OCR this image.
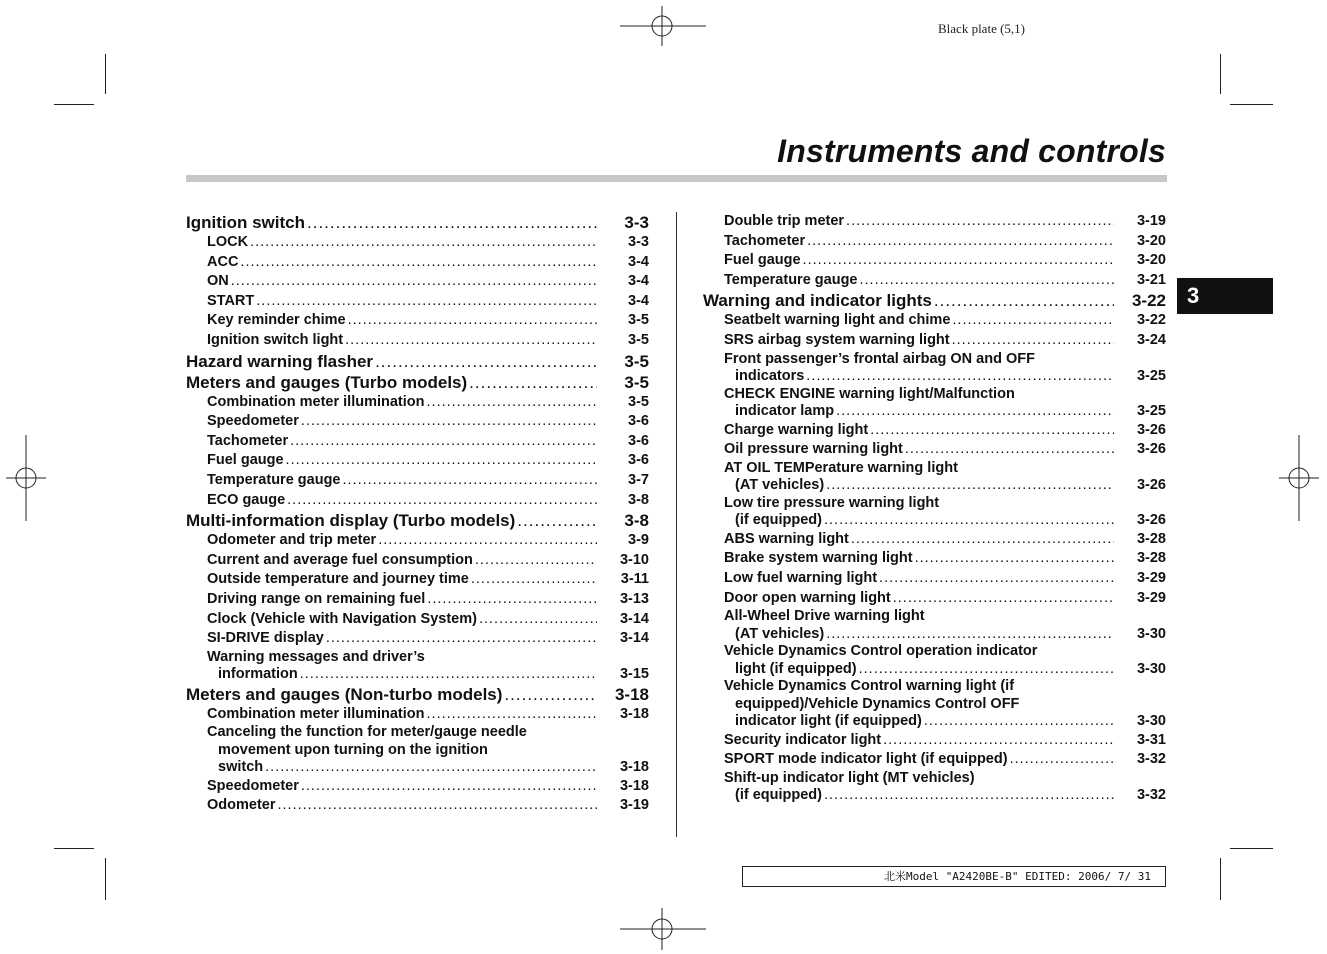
Black plate (5,1)
Instruments and controls
3
Ignition switch .....	3-3
LOCK .....	3-3
ACC .....	3-4
ON .....	3-4
START .....	3-4
Key reminder chime .....	3-5
Ignition switch light .....	3-5
Hazard warning flasher .....	3-5
Meters and gauges (Turbo models) .....	3-5
Combination meter illumination .....	3-5
Speedometer .....	3-6
Tachometer .....	3-6
Fuel gauge .....	3-6
Temperature gauge .....	3-7
ECO gauge .....	3-8
Multi-information display (Turbo models) .....	3-8
Odometer and trip meter .....	3-9
Current and average fuel consumption .....	3-10
Outside temperature and journey time .....	3-11
Driving range on remaining fuel .....	3-13
Clock (Vehicle with Navigation System) .....	3-14
SI-DRIVE display .....	3-14
Warning messages and driver’s
information .....	3-15
Meters and gauges (Non-turbo models) .....	3-18
Combination meter illumination .....	3-18
Canceling the function for meter/gauge needle
movement upon turning on the ignition
switch .....	3-18
Speedometer .....	3-18
Odometer .....	3-19
Double trip meter .....	3-19
Tachometer .....	3-20
Fuel gauge .....	3-20
Temperature gauge .....	3-21
Warning and indicator lights .....	3-22
Seatbelt warning light and chime .....	3-22
SRS airbag system warning light .....	3-24
Front passenger’s frontal airbag ON and OFF
indicators .....	3-25
CHECK ENGINE warning light/Malfunction
indicator lamp .....	3-25
Charge warning light .....	3-26
Oil pressure warning light .....	3-26
AT OIL TEMPerature warning light
(AT vehicles) .....	3-26
Low tire pressure warning light
(if equipped) .....	3-26
ABS warning light .....	3-28
Brake system warning light .....	3-28
Low fuel warning light .....	3-29
Door open warning light .....	3-29
All-Wheel Drive warning light
(AT vehicles) .....	3-30
Vehicle Dynamics Control operation indicator
light (if equipped) .....	3-30
Vehicle Dynamics Control warning light (if
equipped)/Vehicle Dynamics Control OFF
indicator light (if equipped) .....	3-30
Security indicator light .....	3-31
SPORT mode indicator light (if equipped) .....	3-32
Shift-up indicator light (MT vehicles)
(if equipped) .....	3-32
北米Model "A2420BE-B" EDITED: 2006/ 7/ 31
